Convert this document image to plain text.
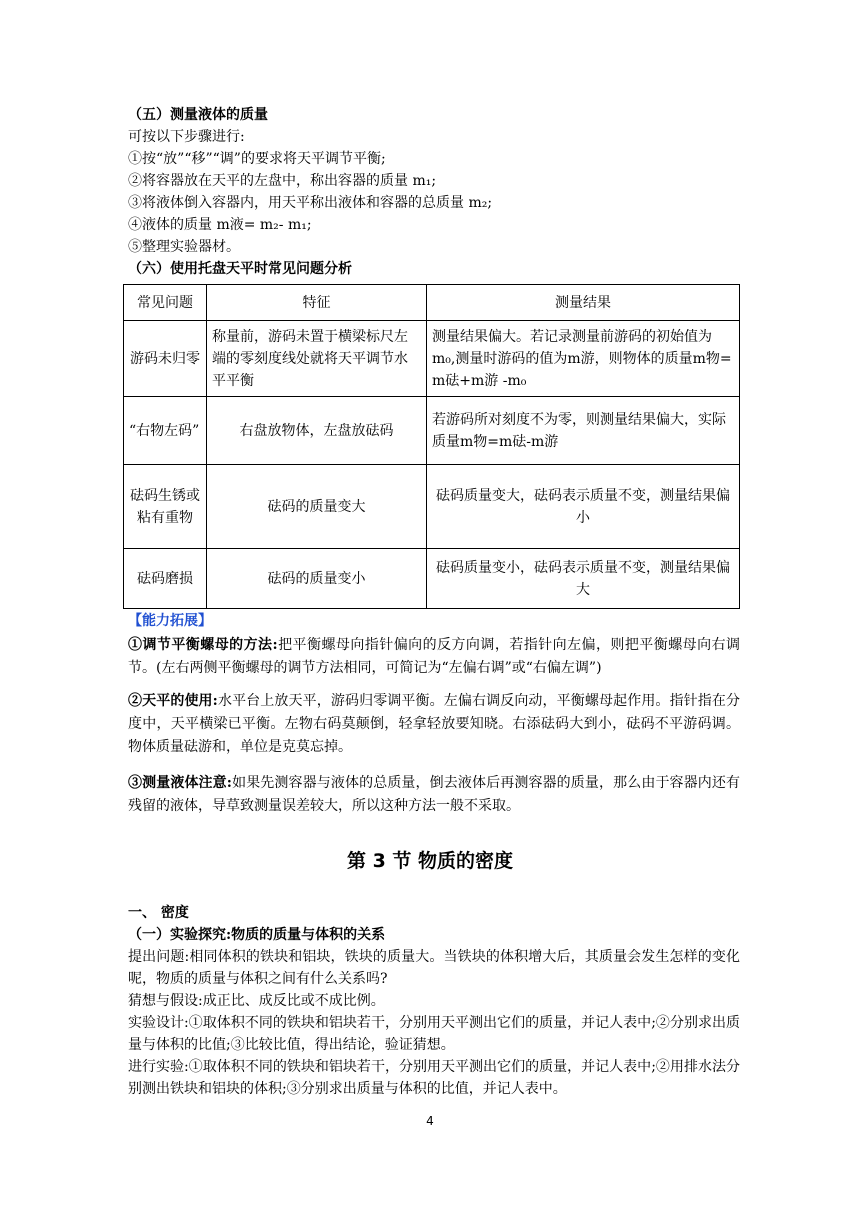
（五）测量液体的质量
可按以下步骤进行:
①按“放”“移”“调”的要求将天平调节平衡;
②将容器放在天平的左盘中，称出容器的质量 m₁;
③将液体倒入容器内，用天平称出液体和容器的总质量 m₂;
④液体的质量 m液= m₂- m₁;
⑤整理实验器材。
（六）使用托盘天平时常见问题分析
常见问题	特征	测量结果
游码未归零	称量前，游码未置于横梁标尺左端的零刻度线处就将天平调节水平平衡	测量结果偏大。若记录测量前游码的初始值为m₀,测量时游码的值为m游，则物体的质量m物= m砝+m游 -m₀
“右物左码”	右盘放物体，左盘放砝码	若游码所对刻度不为零，则测量结果偏大，实际质量m物=m砝-m游
砝码生锈或粘有重物	砝码的质量变大	砝码质量变大，砝码表示质量不变，测量结果偏小
砝码磨损	砝码的质量变小	砝码质量变小，砝码表示质量不变，测量结果偏大
【能力拓展】
①调节平衡螺母的方法:把平衡螺母向指针偏向的反方向调，若指针向左偏，则把平衡螺母向右调节。(左右两侧平衡螺母的调节方法相同，可简记为“左偏右调”或“右偏左调”)
②天平的使用:水平台上放天平，游码归零调平衡。左偏右调反向动，平衡螺母起作用。指针指在分度中，天平横梁已平衡。左物右码莫颠倒，轻拿轻放要知晓。右添砝码大到小，砝码不平游码调。物体质量砝游和，单位是克莫忘掉。
③测量液体注意:如果先测容器与液体的总质量，倒去液体后再测容器的质量，那么由于容器内还有残留的液体，导草致测量误差较大，所以这种方法一般不采取。
第 3 节 物质的密度
一、 密度
（一）实验探究:物质的质量与体积的关系
提出问题:相同体积的铁块和铝块，铁块的质量大。当铁块的体积增大后，其质量会发生怎样的变化呢，物质的质量与体积之间有什么关系吗?
猜想与假设:成正比、成反比或不成比例。
实验设计:①取体积不同的铁块和铝块若干，分别用天平测出它们的质量，并记人表中;②分别求出质量与体积的比值;③比较比值，得出结论，验证猜想。
进行实验:①取体积不同的铁块和铝块若干，分别用天平测出它们的质量，并记人表中;②用排水法分别测出铁块和铝块的体积;③分别求出质量与体积的比值，并记人表中。
4
